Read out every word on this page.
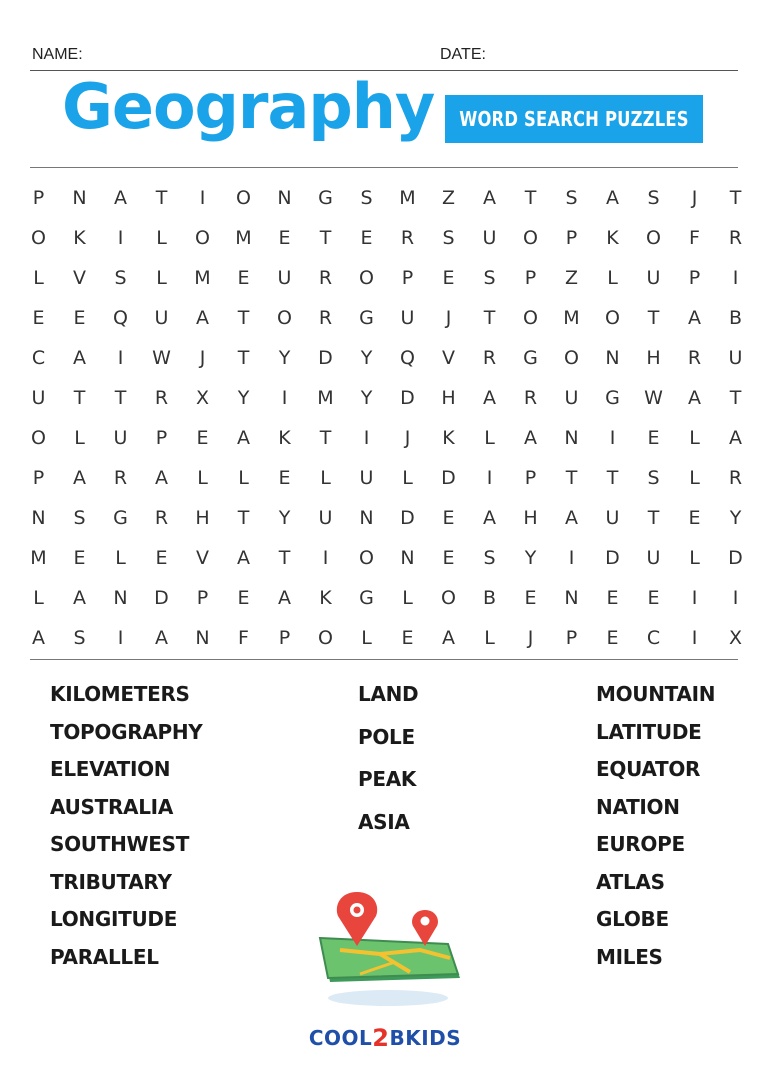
NAME:	DATE:
Geography WORD SEARCH PUZZLES
P	N	A	T	I	O	N	G	S	M	Z	A	T	S	A	S	J	T
O	K	I	L	O	M	E	T	E	R	S	U	O	P	K	O	F	R
L	V	S	L	M	E	U	R	O	P	E	S	P	Z	L	U	P	I
E	E	Q	U	A	T	O	R	G	U	J	T	O	M	O	T	A	B
C	A	I	W	J	T	Y	D	Y	Q	V	R	G	O	N	H	R	U
U	T	T	R	X	Y	I	M	Y	D	H	A	R	U	G	W	A	T
O	L	U	P	E	A	K	T	I	J	K	L	A	N	I	E	L	A
P	A	R	A	L	L	E	L	U	L	D	I	P	T	T	S	L	R
N	S	G	R	H	T	Y	U	N	D	E	A	H	A	U	T	E	Y
M	E	L	E	V	A	T	I	O	N	E	S	Y	I	D	U	L	D
L	A	N	D	P	E	A	K	G	L	O	B	E	N	E	E	I	I
A	S	I	A	N	F	P	O	L	E	A	L	J	P	E	C	I	X
KILOMETERS
TOPOGRAPHY
ELEVATION
AUSTRALIA
SOUTHWEST
TRIBUTARY
LONGITUDE
PARALLEL
LAND
POLE
PEAK
ASIA
MOUNTAIN
LATITUDE
EQUATOR
NATION
EUROPE
ATLAS
GLOBE
MILES
COOL 2 BKIDS
